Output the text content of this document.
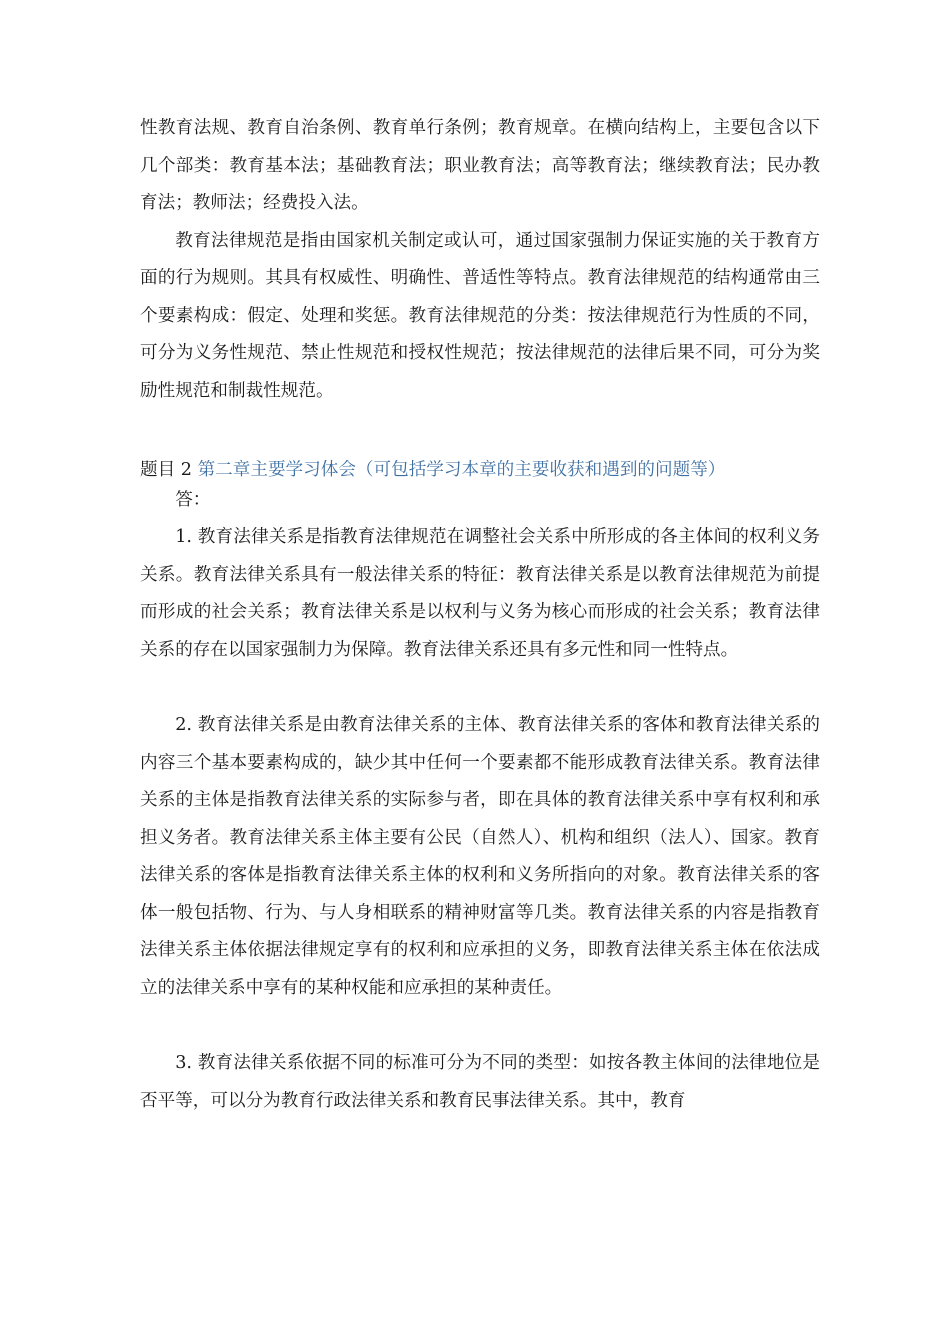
性教育法规、教育自治条例、教育单行条例；教育规章。在横向结构上，主要包含以下几个部类：教育基本法；基础教育法；职业教育法；高等教育法；继续教育法；民办教育法；教师法；经费投入法。

教育法律规范是指由国家机关制定或认可，通过国家强制力保证实施的关于教育方面的行为规则。其具有权威性、明确性、普适性等特点。教育法律规范的结构通常由三个要素构成：假定、处理和奖惩。教育法律规范的分类：按法律规范行为性质的不同，可分为义务性规范、禁止性规范和授权性规范；按法律规范的法律后果不同，可分为奖励性规范和制裁性规范。

题目 2 第二章主要学习体会（可包括学习本章的主要收获和遇到的问题等）

答：

1. 教育法律关系是指教育法律规范在调整社会关系中所形成的各主体间的权利义务关系。教育法律关系具有一般法律关系的特征：教育法律关系是以教育法律规范为前提而形成的社会关系；教育法律关系是以权利与义务为核心而形成的社会关系；教育法律关系的存在以国家强制力为保障。教育法律关系还具有多元性和同一性特点。

2. 教育法律关系是由教育法律关系的主体、教育法律关系的客体和教育法律关系的内容三个基本要素构成的，缺少其中任何一个要素都不能形成教育法律关系。教育法律关系的主体是指教育法律关系的实际参与者，即在具体的教育法律关系中享有权利和承担义务者。教育法律关系主体主要有公民（自然人）、机构和组织（法人）、国家。教育法律关系的客体是指教育法律关系主体的权利和义务所指向的对象。教育法律关系的客体一般包括物、行为、与人身相联系的精神财富等几类。教育法律关系的内容是指教育法律关系主体依据法律规定享有的权利和应承担的义务，即教育法律关系主体在依法成立的法律关系中享有的某种权能和应承担的某种责任。

3. 教育法律关系依据不同的标准可分为不同的类型：如按各教主体间的法律地位是否平等，可以分为教育行政法律关系和教育民事法律关系。其中，教育
